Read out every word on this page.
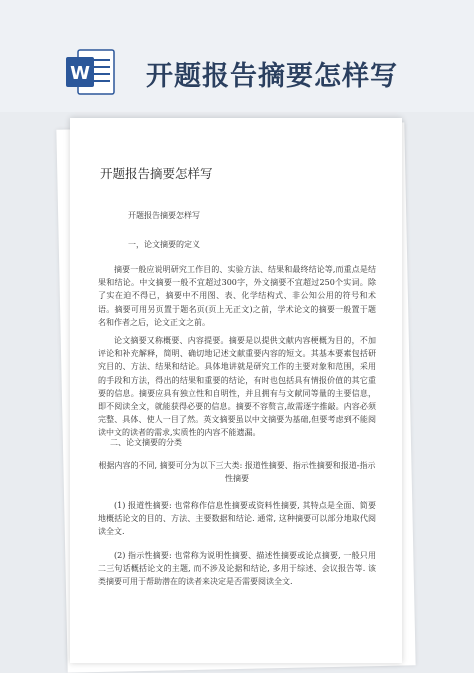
W 开题报告摘要怎样写
开题报告摘要怎样写
开题报告摘要怎样写
一，论文摘要的定义

摘要一般应说明研究工作目的、实验方法、结果和最终结论等,而重点是结果和结论。中文摘要一般不宜超过300字，外文摘要不宜超过250个实词。除了实在迫不得已，摘要中不用图、表、化学结构式、非公知公用的符号和术语。摘要可用另页置于题名页(页上无正文)之前，学术论文的摘要一般置于题名和作者之后，论文正文之前。

论文摘要又称概要、内容提要。摘要是以提供文献内容梗概为目的，不加评论和补充解释，简明、确切地记述文献重要内容的短文。其基本要素包括研究目的、方法、结果和结论。具体地讲就是研究工作的主要对象和范围，采用的手段和方法，得出的结果和重要的结论，有时也包括具有情报价值的其它重要的信息。摘要应具有独立性和自明性，并且拥有与文献同等量的主要信息，即不阅读全文，就能获得必要的信息。摘要不容赘言,故需逐字推敲。内容必须完整、具体、使人一目了然。英文摘要虽以中文摘要为基础,但要考虑到不能阅读中文的读者的需求,实质性的内容不能遗漏。

二、论文摘要的分类

根据内容的不同, 摘要可分为以下三大类: 报道性摘要、指示性摘要和报道-指示性摘要

(1) 报道性摘要: 也常称作信息性摘要或资料性摘要, 其特点是全面、简要地概括论文的目的、方法、主要数据和结论. 通常, 这种摘要可以部分地取代阅读全文.

(2) 指示性摘要: 也常称为说明性摘要、描述性摘要或论点摘要, 一般只用二三句话概括论文的主题, 而不涉及论据和结论, 多用于综述、会议报告等. 该类摘要可用于帮助潜在的读者来决定是否需要阅读全文.
